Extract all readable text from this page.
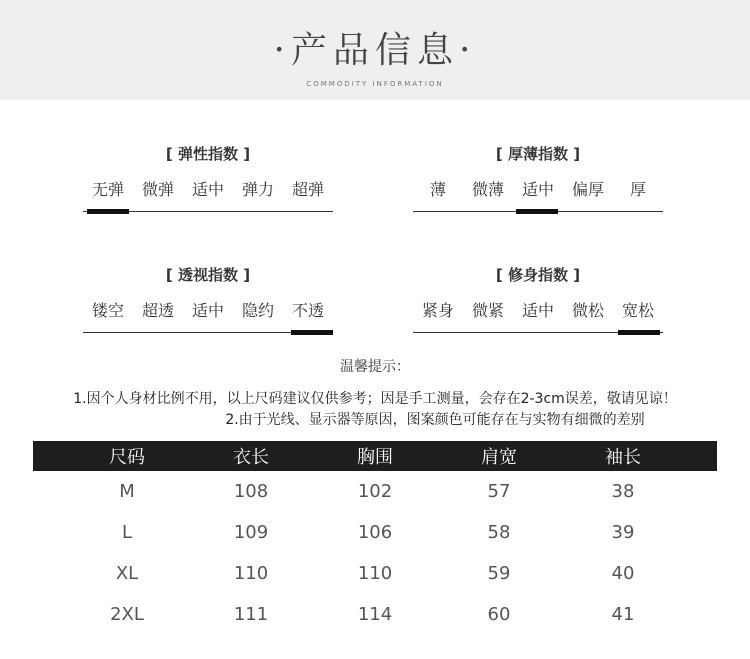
·产品信息·
COMMODITY INFORMATION
[ 弹性指数 ]
无弹	微弹	适中	弹力	超弹
[ 厚薄指数 ]
薄	微薄	适中	偏厚	厚
[ 透视指数 ]
镂空	超透	适中	隐约	不透
[ 修身指数 ]
紧身	微紧	适中	微松	宽松
温馨提示：
1.因个人身材比例不用，以上尺码建议仅供参考；因是手工测量，会存在2-3cm误差，敬请见谅！
2.由于光线、显示器等原因，图案颜色可能存在与实物有细微的差别
尺码	衣长	胸围	肩宽	袖长
M	108	102	57	38
L	109	106	58	39
XL	110	110	59	40
2XL	111	114	60	41
